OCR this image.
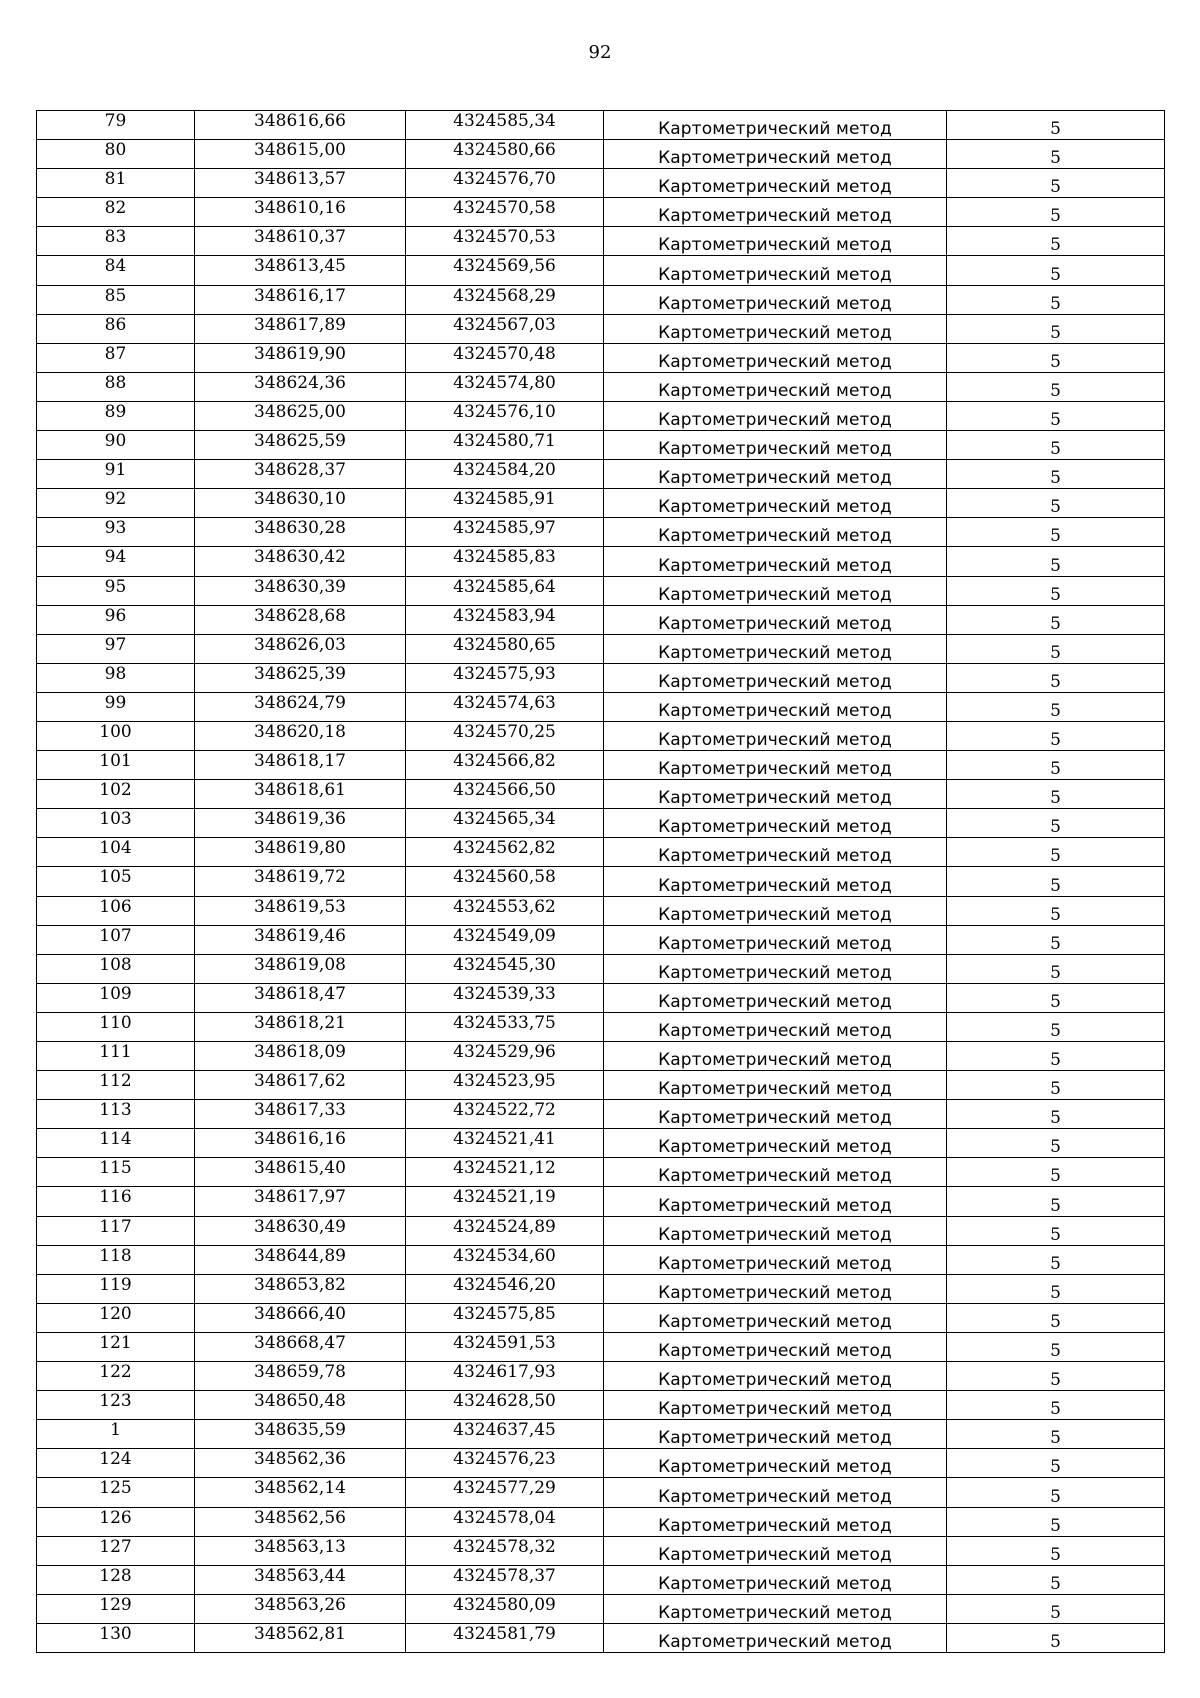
92
79	348616,66	4324585,34	Картометрический метод	5
80	348615,00	4324580,66	Картометрический метод	5
81	348613,57	4324576,70	Картометрический метод	5
82	348610,16	4324570,58	Картометрический метод	5
83	348610,37	4324570,53	Картометрический метод	5
84	348613,45	4324569,56	Картометрический метод	5
85	348616,17	4324568,29	Картометрический метод	5
86	348617,89	4324567,03	Картометрический метод	5
87	348619,90	4324570,48	Картометрический метод	5
88	348624,36	4324574,80	Картометрический метод	5
89	348625,00	4324576,10	Картометрический метод	5
90	348625,59	4324580,71	Картометрический метод	5
91	348628,37	4324584,20	Картометрический метод	5
92	348630,10	4324585,91	Картометрический метод	5
93	348630,28	4324585,97	Картометрический метод	5
94	348630,42	4324585,83	Картометрический метод	5
95	348630,39	4324585,64	Картометрический метод	5
96	348628,68	4324583,94	Картометрический метод	5
97	348626,03	4324580,65	Картометрический метод	5
98	348625,39	4324575,93	Картометрический метод	5
99	348624,79	4324574,63	Картометрический метод	5
100	348620,18	4324570,25	Картометрический метод	5
101	348618,17	4324566,82	Картометрический метод	5
102	348618,61	4324566,50	Картометрический метод	5
103	348619,36	4324565,34	Картометрический метод	5
104	348619,80	4324562,82	Картометрический метод	5
105	348619,72	4324560,58	Картометрический метод	5
106	348619,53	4324553,62	Картометрический метод	5
107	348619,46	4324549,09	Картометрический метод	5
108	348619,08	4324545,30	Картометрический метод	5
109	348618,47	4324539,33	Картометрический метод	5
110	348618,21	4324533,75	Картометрический метод	5
111	348618,09	4324529,96	Картометрический метод	5
112	348617,62	4324523,95	Картометрический метод	5
113	348617,33	4324522,72	Картометрический метод	5
114	348616,16	4324521,41	Картометрический метод	5
115	348615,40	4324521,12	Картометрический метод	5
116	348617,97	4324521,19	Картометрический метод	5
117	348630,49	4324524,89	Картометрический метод	5
118	348644,89	4324534,60	Картометрический метод	5
119	348653,82	4324546,20	Картометрический метод	5
120	348666,40	4324575,85	Картометрический метод	5
121	348668,47	4324591,53	Картометрический метод	5
122	348659,78	4324617,93	Картометрический метод	5
123	348650,48	4324628,50	Картометрический метод	5
1	348635,59	4324637,45	Картометрический метод	5
124	348562,36	4324576,23	Картометрический метод	5
125	348562,14	4324577,29	Картометрический метод	5
126	348562,56	4324578,04	Картометрический метод	5
127	348563,13	4324578,32	Картометрический метод	5
128	348563,44	4324578,37	Картометрический метод	5
129	348563,26	4324580,09	Картометрический метод	5
130	348562,81	4324581,79	Картометрический метод	5
